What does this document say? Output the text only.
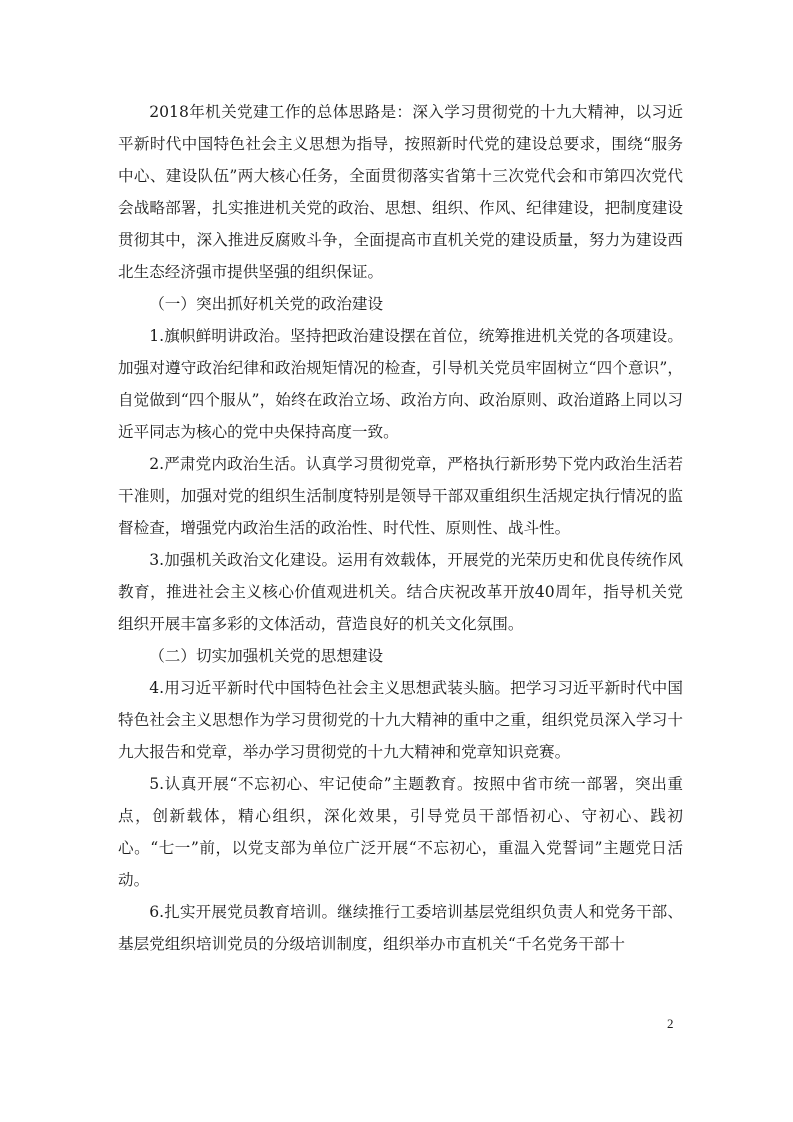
2018年机关党建工作的总体思路是：深入学习贯彻党的十九大精神，以习近平新时代中国特色社会主义思想为指导，按照新时代党的建设总要求，围绕“服务中心、建设队伍”两大核心任务，全面贯彻落实省第十三次党代会和市第四次党代会战略部署，扎实推进机关党的政治、思想、组织、作风、纪律建设，把制度建设贯彻其中，深入推进反腐败斗争，全面提高市直机关党的建设质量，努力为建设西北生态经济强市提供坚强的组织保证。

（一）突出抓好机关党的政治建设

1.旗帜鲜明讲政治。坚持把政治建设摆在首位，统筹推进机关党的各项建设。加强对遵守政治纪律和政治规矩情况的检查，引导机关党员牢固树立“四个意识”，自觉做到“四个服从”，始终在政治立场、政治方向、政治原则、政治道路上同以习近平同志为核心的党中央保持高度一致。

2.严肃党内政治生活。认真学习贯彻党章，严格执行新形势下党内政治生活若干准则，加强对党的组织生活制度特别是领导干部双重组织生活规定执行情况的监督检查，增强党内政治生活的政治性、时代性、原则性、战斗性。

3.加强机关政治文化建设。运用有效载体，开展党的光荣历史和优良传统作风教育，推进社会主义核心价值观进机关。结合庆祝改革开放40周年，指导机关党组织开展丰富多彩的文体活动，营造良好的机关文化氛围。

（二）切实加强机关党的思想建设

4.用习近平新时代中国特色社会主义思想武装头脑。把学习习近平新时代中国特色社会主义思想作为学习贯彻党的十九大精神的重中之重，组织党员深入学习十九大报告和党章，举办学习贯彻党的十九大精神和党章知识竞赛。

5.认真开展“不忘初心、牢记使命”主题教育。按照中省市统一部署，突出重点，创新载体，精心组织，深化效果，引导党员干部悟初心、守初心、践初心。“七一”前，以党支部为单位广泛开展“不忘初心，重温入党誓词”主题党日活动。

6.扎实开展党员教育培训。继续推行工委培训基层党组织负责人和党务干部、基层党组织培训党员的分级培训制度，组织举办市直机关“千名党务干部十

2
